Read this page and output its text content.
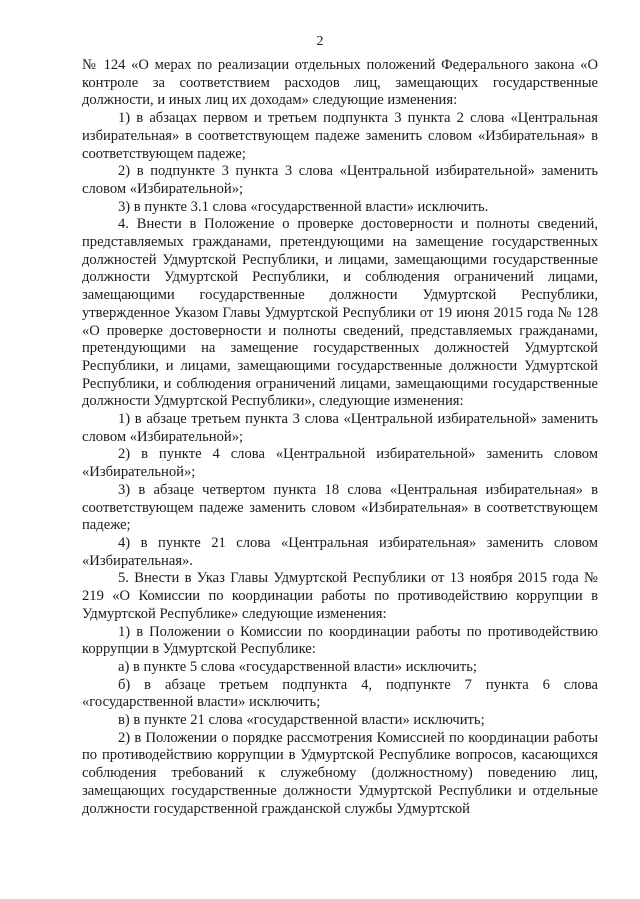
2

№ 124 «О мерах по реализации отдельных положений Федерального закона «О контроле за соответствием расходов лиц, замещающих государственные должности, и иных лиц их доходам» следующие изменения:

1) в абзацах первом и третьем подпункта 3 пункта 2 слова «Центральная избирательная» в соответствующем падеже заменить словом «Избирательная» в соответствующем падеже;

2) в подпункте 3 пункта 3 слова «Центральной избирательной» заменить словом «Избирательной»;

3) в пункте 3.1 слова «государственной власти» исключить.

4. Внести в Положение о проверке достоверности и полноты сведений, представляемых гражданами, претендующими на замещение государственных должностей Удмуртской Республики, и лицами, замещающими государственные должности Удмуртской Республики, и соблюдения ограничений лицами, замещающими государственные должности Удмуртской Республики, утвержденное Указом Главы Удмуртской Республики от 19 июня 2015 года № 128 «О проверке достоверности и полноты сведений, представляемых гражданами, претендующими на замещение государственных должностей Удмуртской Республики, и лицами, замещающими государственные должности Удмуртской Республики, и соблюдения ограничений лицами, замещающими государственные должности Удмуртской Республики», следующие изменения:

1) в абзаце третьем пункта 3 слова «Центральной избирательной» заменить словом «Избирательной»;

2) в пункте 4 слова «Центральной избирательной» заменить словом «Избирательной»;

3) в абзаце четвертом пункта 18 слова «Центральная избирательная» в соответствующем падеже заменить словом «Избирательная» в соответствующем падеже;

4) в пункте 21 слова «Центральная избирательная» заменить словом «Избирательная».

5. Внести в Указ Главы Удмуртской Республики от 13 ноября 2015 года № 219 «О Комиссии по координации работы по противодействию коррупции в Удмуртской Республике» следующие изменения:

1) в Положении о Комиссии по координации работы по противодействию коррупции в Удмуртской Республике:

а) в пункте 5 слова «государственной власти» исключить;

б) в абзаце третьем подпункта 4, подпункте 7 пункта 6 слова «государственной власти» исключить;

в) в пункте 21 слова «государственной власти» исключить;

2) в Положении о порядке рассмотрения Комиссией по координации работы по противодействию коррупции в Удмуртской Республике вопросов, касающихся соблюдения требований к служебному (должностному) поведению лиц, замещающих государственные должности Удмуртской Республики и отдельные должности государственной гражданской службы Удмуртской
